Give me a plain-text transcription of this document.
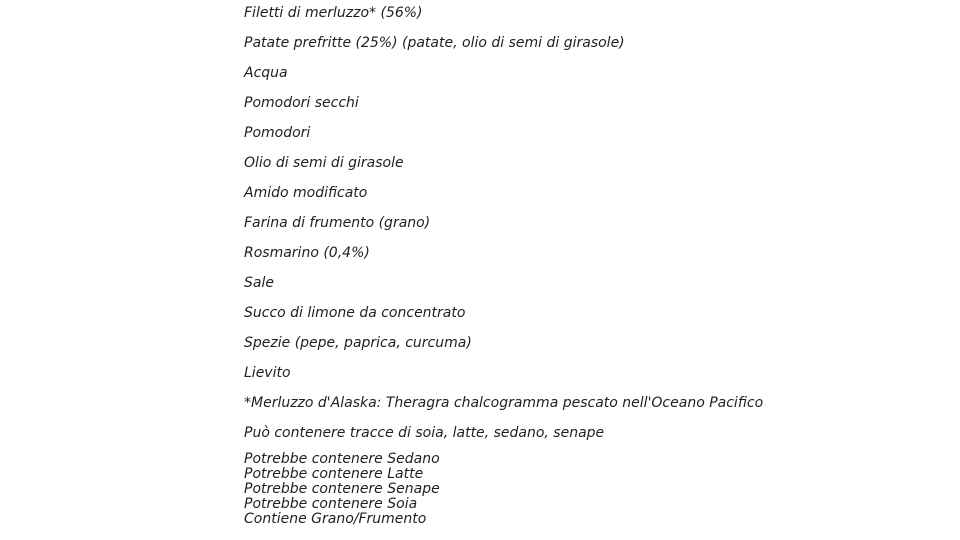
Filetti di merluzzo* (56%)
Patate prefritte (25%) (patate, olio di semi di girasole)
Acqua
Pomodori secchi
Pomodori
Olio di semi di girasole
Amido modificato
Farina di frumento (grano)
Rosmarino (0,4%)
Sale
Succo di limone da concentrato
Spezie (pepe, paprica, curcuma)
Lievito
*Merluzzo d'Alaska: Theragra chalcogramma pescato nell'Oceano Pacifico
Può contenere tracce di soia, latte, sedano, senape
Potrebbe contenere Sedano
Potrebbe contenere Latte
Potrebbe contenere Senape
Potrebbe contenere Soia
Contiene Grano/Frumento
